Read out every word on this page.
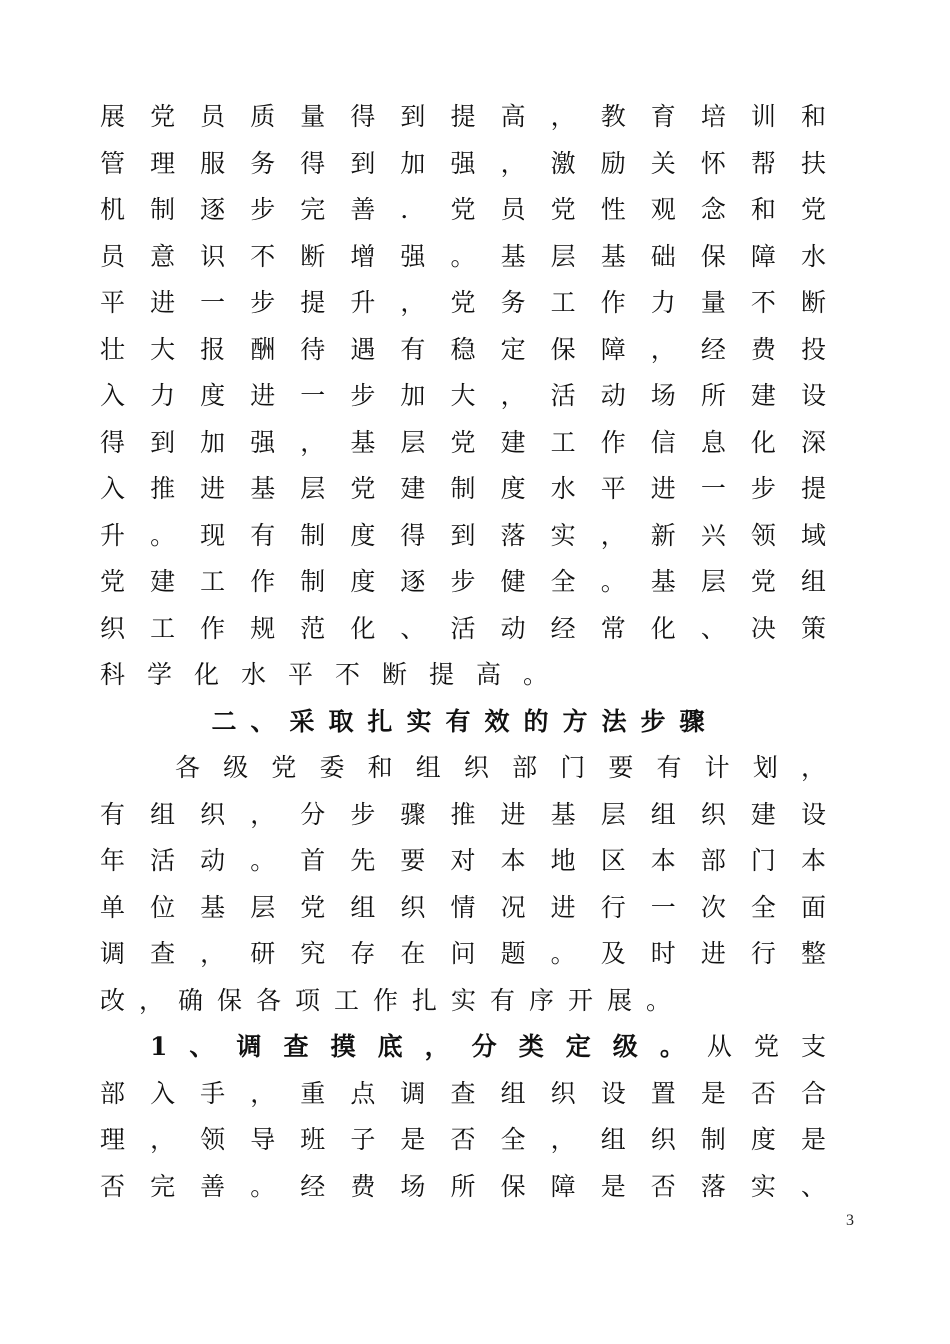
展党员质量得到提高，教育培训和
管理服务得到加强，激励关怀帮扶
机制逐步完善．党员党性观念和党
员意识不断增强。基层基础保障水
平进一步提升，党务工作力量不断
壮大报酬待遇有稳定保障，经费投
入力度进一步加大，活动场所建设
得到加强，基层党建工作信息化深
入推进基层党建制度水平进一步提
升。现有制度得到落实，新兴领域
党建工作制度逐步健全。基层党组
织工作规范化、活动经常化、决策
科学化水平不断提高。
二、采取扎实有效的方法步骤
各级党委和组织部门要有计划，
有组织，分步骤推进基层组织建设
年活动。首先要对本地区本部门本
单位基层党组织情况进行一次全面
调查，研究存在问题。及时进行整
改，确保各项工作扎实有序开展。
1、调查摸底，分类定级。从党支
部入手，重点调查组织设置是否合
理，领导班子是否全，组织制度是
否完善。经费场所保障是否落实、
3
